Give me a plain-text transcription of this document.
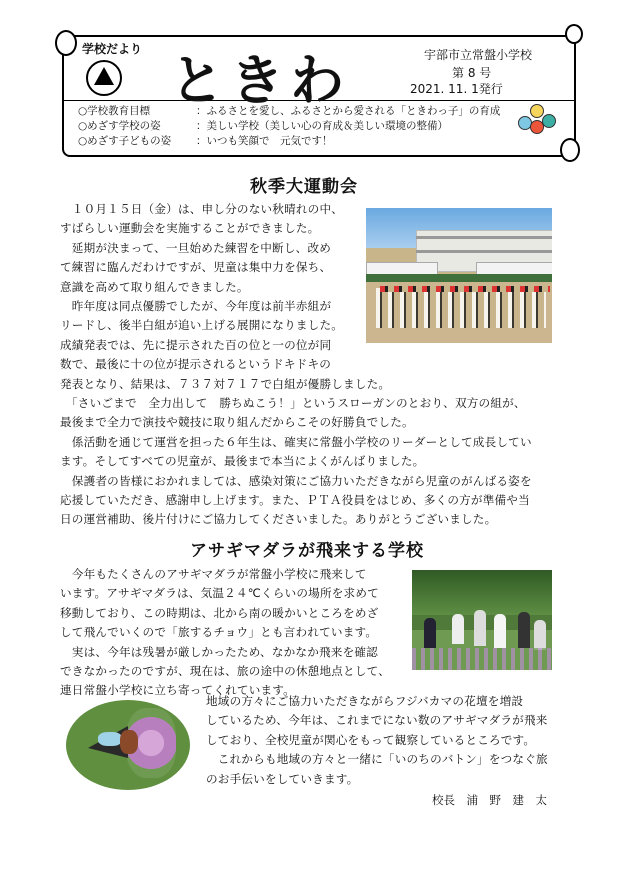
学校だより ときわ	宇部市立常盤小学校
第 8 号
2021. 11. 1発行
○学校教育目標	：ふるさとを愛し、ふるさとから愛される「ときわっ子」の育成
○めざす学校の姿	：美しい学校（美しい心の育成＆美しい環境の整備）
○めざす子どもの姿	：いつも笑顔で　元気です！
秋季大運動会

　１０月１５日（金）は、申し分のない秋晴れの中、

すばらしい運動会を実施することができました。

　延期が決まって、一旦始めた練習を中断し、改め

て練習に臨んだわけですが、児童は集中力を保ち、

意識を高めて取り組んできました。

　昨年度は同点優勝でしたが、今年度は前半赤組が

リードし、後半白組が追い上げる展開になりました。

成績発表では、先に提示された百の位と一の位が同

数で、最後に十の位が提示されるというドキドキの

発表となり、結果は、７３７対７１７で白組が優勝しました。

　「さいごまで　全力出して　勝ちぬこう！」というスローガンのとおり、双方の組が、

最後まで全力で演技や競技に取り組んだからこその好勝負でした。

　係活動を通じて運営を担った６年生は、確実に常盤小学校のリーダーとして成長してい

ます。そしてすべての児童が、最後まで本当によくがんばりました。

　保護者の皆様におかれましては、感染対策にご協力いただきながら児童のがんばる姿を

応援していただき、感謝申し上げます。また、ＰＴＡ役員をはじめ、多くの方が準備や当

日の運営補助、後片付けにご協力してくださいました。ありがとうございました。

アサギマダラが飛来する学校

　今年もたくさんのアサギマダラが常盤小学校に飛来して

います。アサギマダラは、気温２４℃くらいの場所を求めて

移動しており、この時期は、北から南の暖かいところをめざ

して飛んでいくので「旅するチョウ」とも言われています。

　実は、今年は残暑が厳しかったため、なかなか飛来を確認

できなかったのですが、現在は、旅の途中の休憩地点として、

連日常盤小学校に立ち寄ってくれています。

地域の方々にご協力いただきながらフジバカマの花壇を増設

しているため、今年は、これまでにない数のアサギマダラが飛来

しており、全校児童が関心をもって観察しているところです。

　これからも地域の方々と一緒に「いのちのバトン」をつなぐ旅

のお手伝いをしていきます。

校長　浦　野　建　太
